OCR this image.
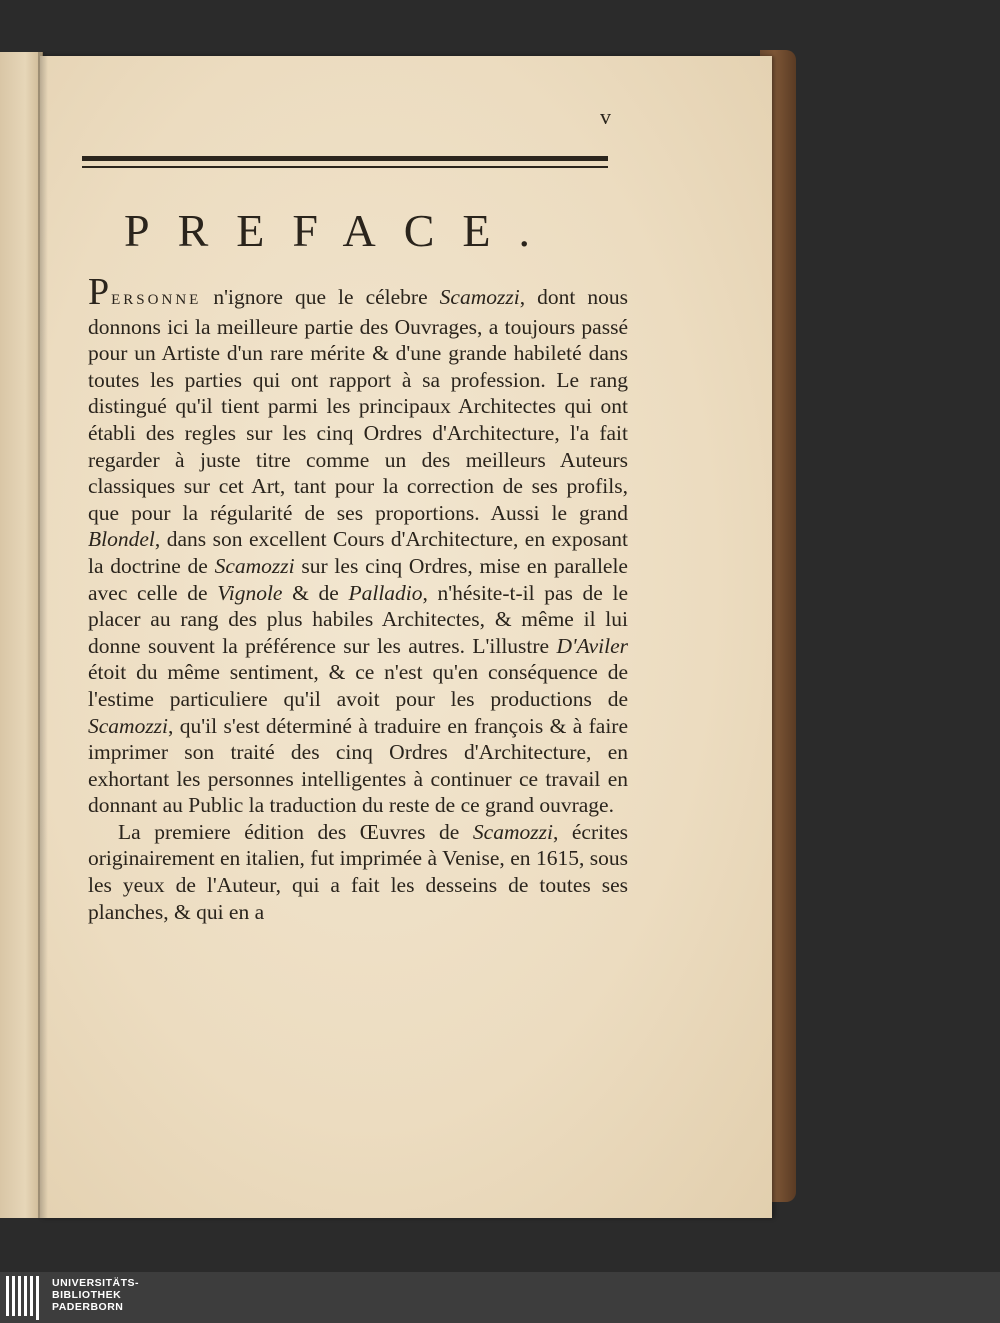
v
PREFACE.

PERSONNE n'ignore que le célebre Scamozzi, dont nous donnons ici la meilleure partie des Ouvrages, a toujours passé pour un Artiste d'un rare mérite & d'une grande habileté dans toutes les parties qui ont rapport à sa profession. Le rang distingué qu'il tient parmi les principaux Architectes qui ont établi des regles sur les cinq Ordres d'Architecture, l'a fait regarder à juste titre comme un des meilleurs Auteurs classiques sur cet Art, tant pour la correction de ses profils, que pour la régularité de ses proportions. Aussi le grand Blondel, dans son excellent Cours d'Architecture, en exposant la doctrine de Scamozzi sur les cinq Ordres, mise en parallele avec celle de Vignole & de Palladio, n'hésite-t-il pas de le placer au rang des plus habiles Architectes, & même il lui donne souvent la préférence sur les autres. L'illustre D'Aviler étoit du même sentiment, & ce n'est qu'en conséquence de l'estime particuliere qu'il avoit pour les productions de Scamozzi, qu'il s'est déterminé à traduire en françois & à faire imprimer son traité des cinq Ordres d'Architecture, en exhortant les personnes intelligentes à continuer ce travail en donnant au Public la traduction du reste de ce grand ouvrage.

La premiere édition des Œuvres de Scamozzi, écrites originairement en italien, fut imprimée à Venise, en 1615, sous les yeux de l'Auteur, qui a fait les desseins de toutes ses planches, & qui en a

UNIVERSITÄTS-
BIBLIOTHEK
PADERBORN
